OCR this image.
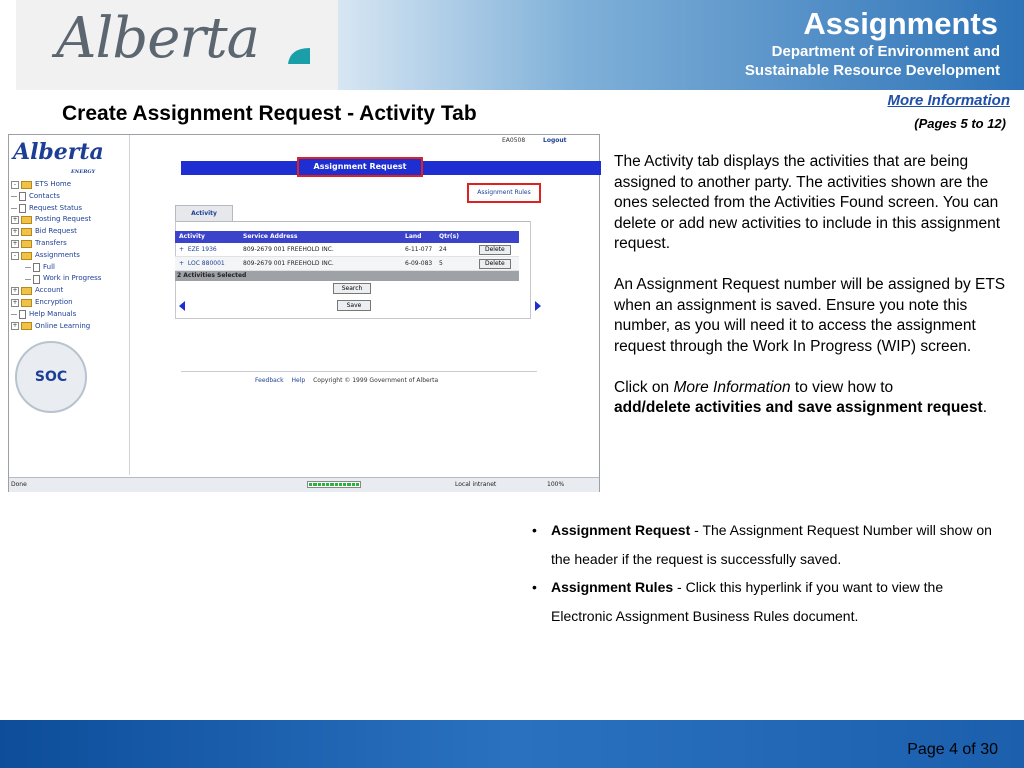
Alberta	Assignments
Department of Environment and
Sustainable Resource Development
Create Assignment Request - Activity Tab
More Information
(Pages 5 to 12)
Alberta
ENERGY
-	ETS Home
Contacts
Request Status
+ Posting Request
+ Bid Request
+ Transfers
-	Assignments
Full
Work in Progress
+ Account
+ Encryption
Help Manuals
+ Online Learning
SOC
EA0508	Logout
Assignment Request
Assignment Rules
Activity
Activity	Service Address	Land	Qtr(s)
+ EZE 1936	809-2679 001 FREEHOLD INC.	6-11-077	24	Delete
+ LOC 880001	809-2679 001 FREEHOLD INC.	6-09-083	5	Delete
2 Activities Selected
Search
Save
Feedback Help Copyright © 1999 Government of Alberta
Done	Local intranet	100%

The Activity tab displays the activities that are being assigned to another party. The activities shown are the ones selected from the Activities Found screen. You can delete or add new activities to include in this assignment request.

An Assignment Request number will be assigned by ETS when an assignment is saved. Ensure you note this number, as you will need it to access the assignment request through the Work In Progress (WIP) screen.

Click on More Information to view how to
add/delete activities and save assignment request.

•	Assignment Request - The Assignment Request Number will show on the header if the request is successfully saved.
•	Assignment Rules - Click this hyperlink if you want to view the Electronic Assignment Business Rules document.
Page 4 of 30
